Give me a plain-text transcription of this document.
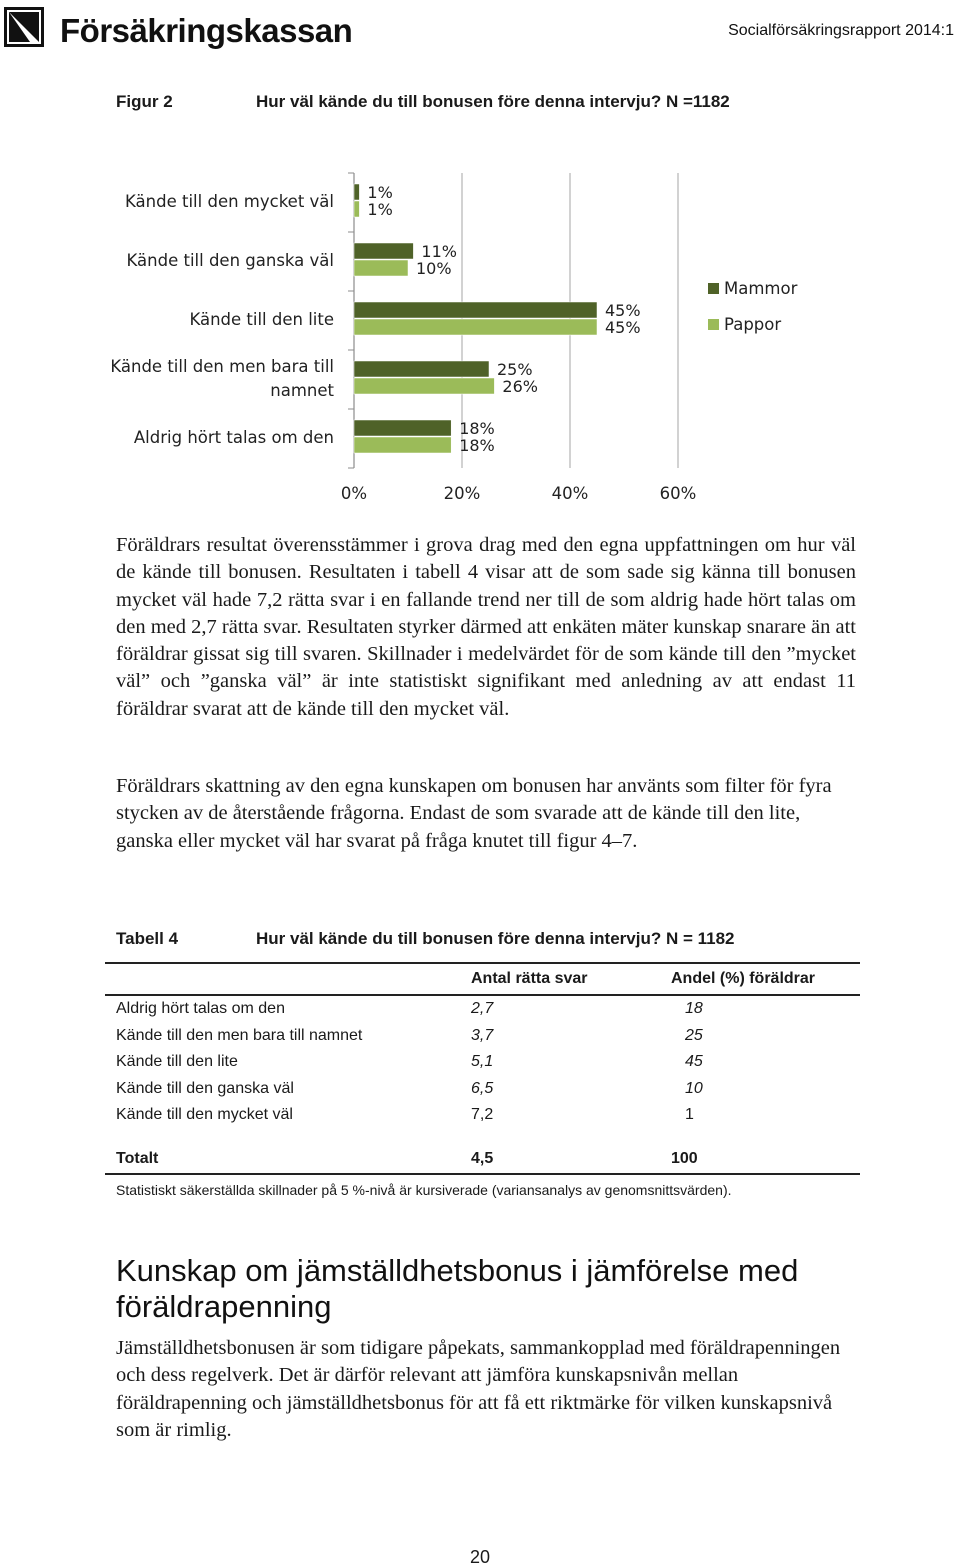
Försäkringskassan	Socialförsäkringsrapport 2014:1
Figur 2	Hur väl kände du till bonusen före denna intervju? N =1182
1%
1%
Kände till den mycket väl
11%
10%
Kände till den ganska väl
45%
45%
Kände till den lite
25%
26%
Kände till den men bara till
namnet
18%
18%
Aldrig hört talas om den
0%	20%	40%	60%
Mammor
Pappor

Föräldrars resultat överensstämmer i grova drag med den egna uppfattningen om hur väl de kände till bonusen. Resultaten i tabell 4 visar att de som sade sig känna till bonusen mycket väl hade 7,2 rätta svar i en fallande trend ner till de som aldrig hade hört talas om den med 2,7 rätta svar. Resultaten styrker därmed att enkäten mäter kunskap snarare än att föräldrar gissat sig till svaren. Skillnader i medelvärdet för de som kände till den ”mycket väl” och ”ganska väl” är inte statistiskt signifikant med anledning av att endast 11 föräldrar svarat att de kände till den mycket väl.

Föräldrars skattning av den egna kunskapen om bonusen har använts som filter för fyra stycken av de återstående frågorna. Endast de som svarade att de kände till den lite, ganska eller mycket väl har svarat på fråga knutet till figur 4–7.

Tabell 4	Hur väl kände du till bonusen före denna intervju? N = 1182
	Antal rätta svar	Andel (%) föräldrar
Aldrig hört talas om den	2,7	18
Kände till den men bara till namnet	3,7	25
Kände till den lite	5,1	45
Kände till den ganska väl	6,5	10
Kände till den mycket väl	7,2	1

Totalt	4,5	100
Statistiskt säkerställda skillnader på 5 %-nivå är kursiverade (variansanalys av genomsnittsvärden).
Kunskap om jämställdhetsbonus i jämförelse med föräldrapenning

Jämställdhetsbonusen är som tidigare påpekats, sammankopplad med föräldrapenningen och dess regelverk. Det är därför relevant att jämföra kunskapsnivån mellan föräldrapenning och jämställdhetsbonus för att få ett riktmärke för vilken kunskapsnivå som är rimlig.

20
